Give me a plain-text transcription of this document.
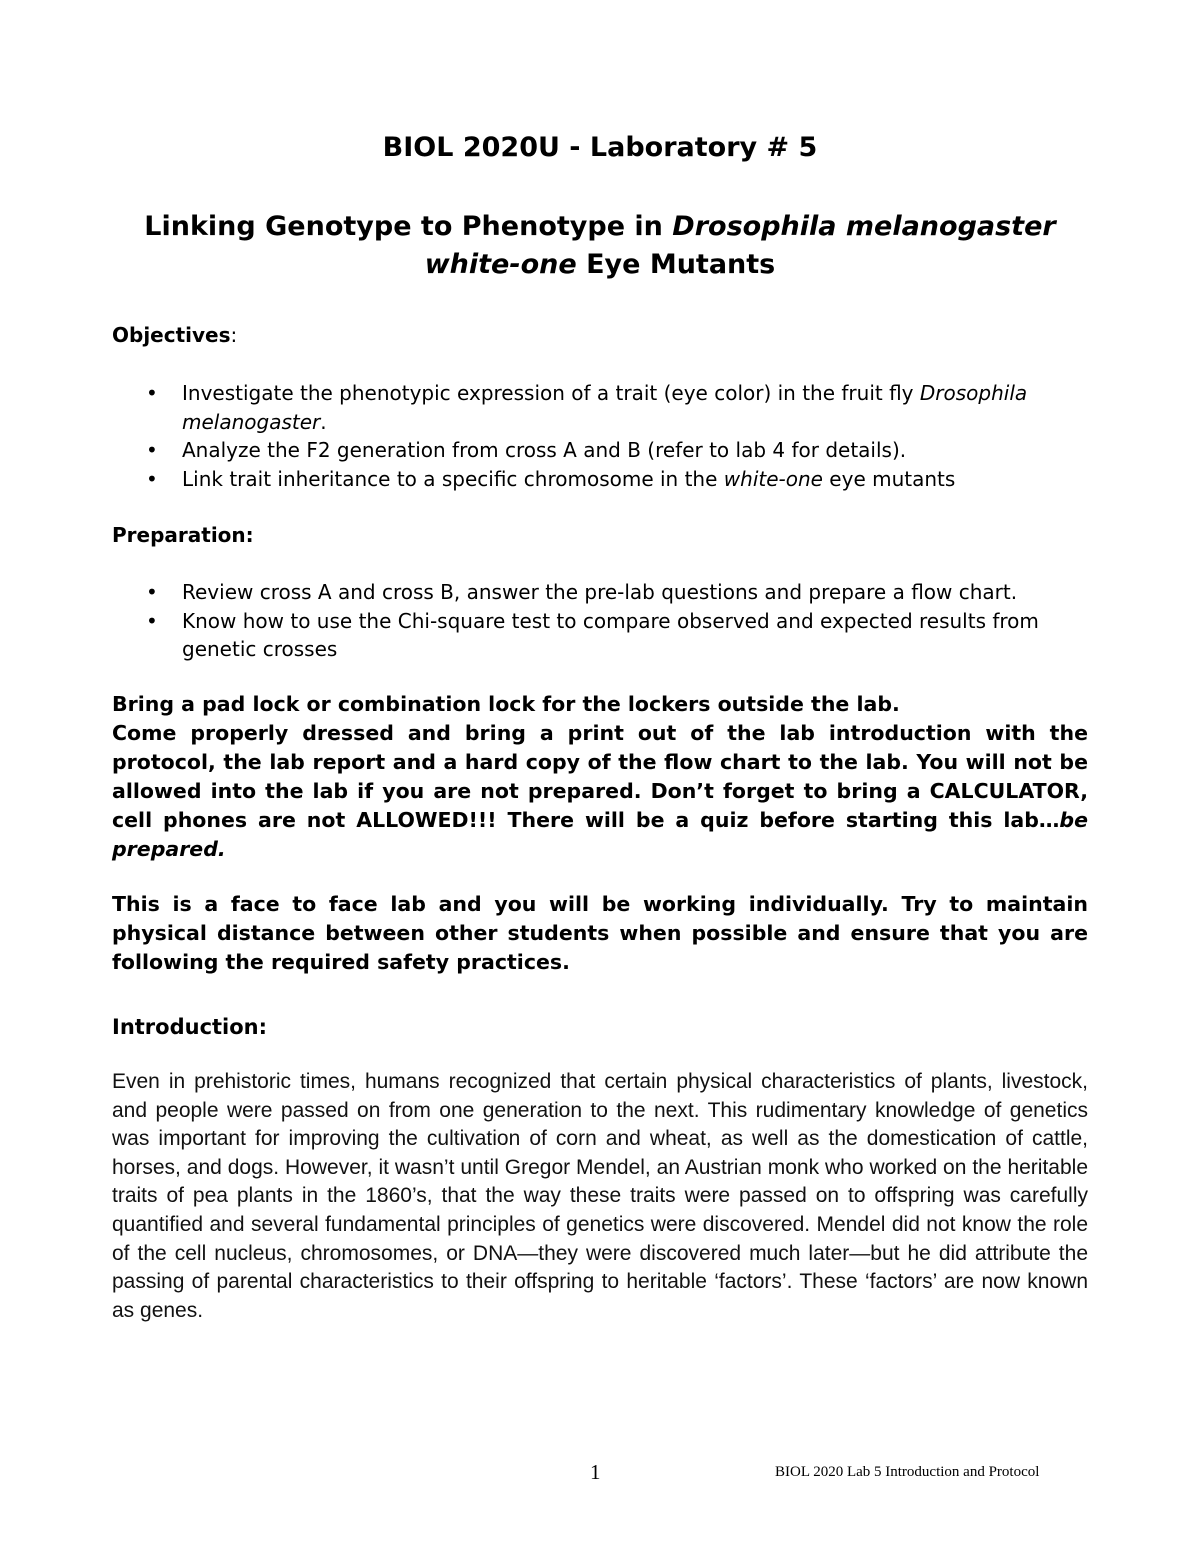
BIOL 2020U - Laboratory # 5
Linking Genotype to Phenotype in Drosophila melanogaster
white-one Eye Mutants

Objectives:

• Investigate the phenotypic expression of a trait (eye color) in the fruit fly Drosophila melanogaster.
• Analyze the F2 generation from cross A and B (refer to lab 4 for details).
• Link trait inheritance to a specific chromosome in the white-one eye mutants

Preparation:

• Review cross A and cross B, answer the pre-lab questions and prepare a flow chart.
• Know how to use the Chi-square test to compare observed and expected results from genetic crosses

Bring a pad lock or combination lock for the lockers outside the lab.

Come properly dressed and bring a print out of the lab introduction with the protocol, the lab report and a hard copy of the flow chart to the lab. You will not be allowed into the lab if you are not prepared. Don’t forget to bring a CALCULATOR, cell phones are not ALLOWED!!! There will be a quiz before starting this lab…be prepared.

This is a face to face lab and you will be working individually. Try to maintain physical distance between other students when possible and ensure that you are following the required safety practices.

Introduction:

Even in prehistoric times, humans recognized that certain physical characteristics of plants, livestock, and people were passed on from one generation to the next. This rudimentary knowledge of genetics was important for improving the cultivation of corn and wheat, as well as the domestication of cattle, horses, and dogs. However, it wasn’t until Gregor Mendel, an Austrian monk who worked on the heritable traits of pea plants in the 1860’s, that the way these traits were passed on to offspring was carefully quantified and several fundamental principles of genetics were discovered. Mendel did not know the role of the cell nucleus, chromosomes, or DNA—they were discovered much later—but he did attribute the passing of parental characteristics to their offspring to heritable ‘factors’. These ‘factors’ are now known as genes.

1	BIOL 2020 Lab 5 Introduction and Protocol
